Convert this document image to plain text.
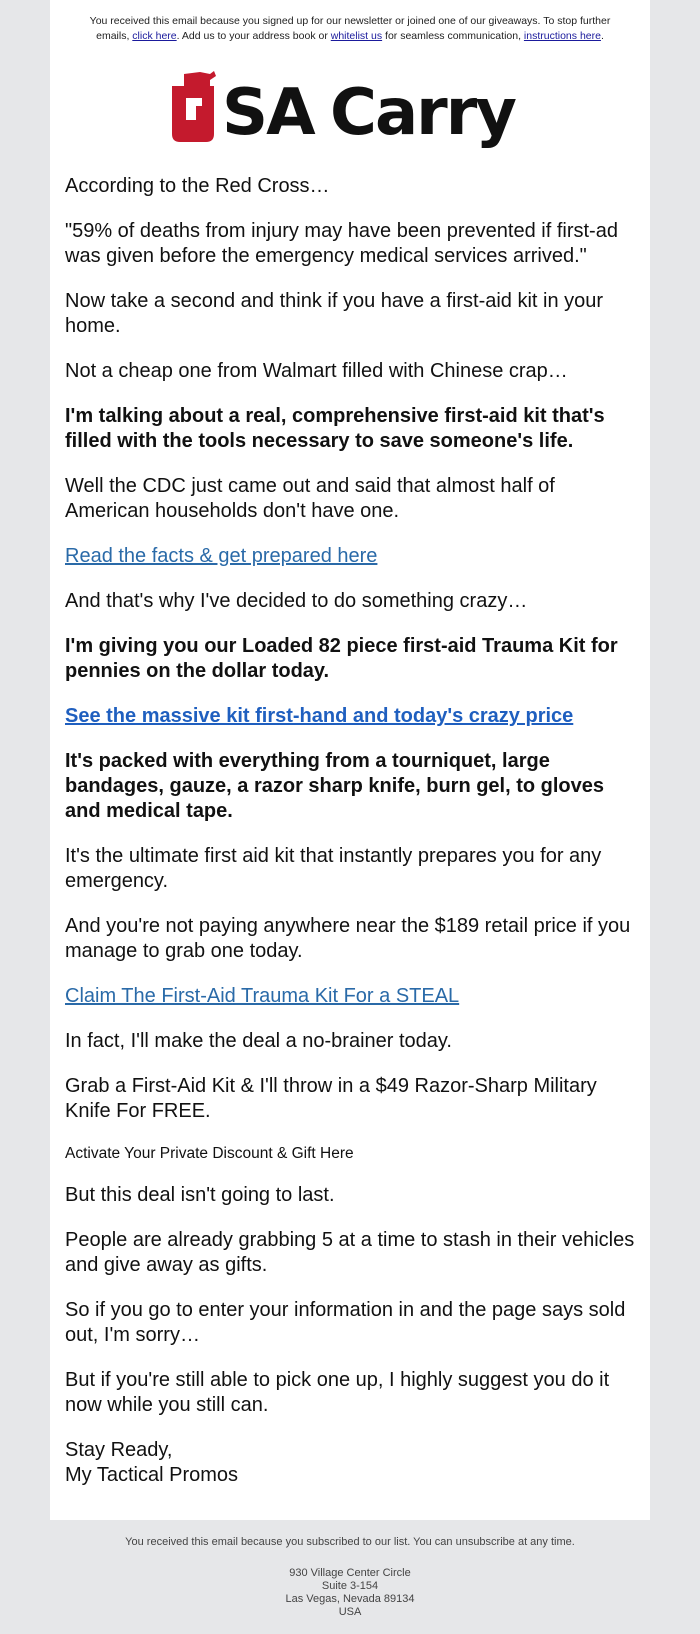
You received this email because you signed up for our newsletter or joined one of our giveaways. To stop further emails, click here. Add us to your address book or whitelist us for seamless communication, instructions here.
SA Carry

According to the Red Cross…

"59% of deaths from injury may have been prevented if first-ad was given before the emergency medical services arrived."

Now take a second and think if you have a first-aid kit in your home.

Not a cheap one from Walmart filled with Chinese crap…

I'm talking about a real, comprehensive first-aid kit that's filled with the tools necessary to save someone's life.

Well the CDC just came out and said that almost half of American households don't have one.

Read the facts & get prepared here

And that's why I've decided to do something crazy…

I'm giving you our Loaded 82 piece first-aid Trauma Kit for pennies on the dollar today.

See the massive kit first-hand and today's crazy price

It's packed with everything from a tourniquet, large bandages, gauze, a razor sharp knife, burn gel, to gloves and medical tape.

It's the ultimate first aid kit that instantly prepares you for any emergency.

And you're not paying anywhere near the $189 retail price if you manage to grab one today.

Claim The First-Aid Trauma Kit For a STEAL

In fact, I'll make the deal a no-brainer today.

Grab a First-Aid Kit & I'll throw in a $49 Razor-Sharp Military Knife For FREE.

Activate Your Private Discount & Gift Here

But this deal isn't going to last.

People are already grabbing 5 at a time to stash in their vehicles and give away as gifts.

So if you go to enter your information in and the page says sold out, I'm sorry…

But if you're still able to pick one up, I highly suggest you do it now while you still can.

Stay Ready,
My Tactical Promos

You received this email because you subscribed to our list. You can unsubscribe at any time.
930 Village Center Circle
Suite 3-154
Las Vegas, Nevada 89134
USA
